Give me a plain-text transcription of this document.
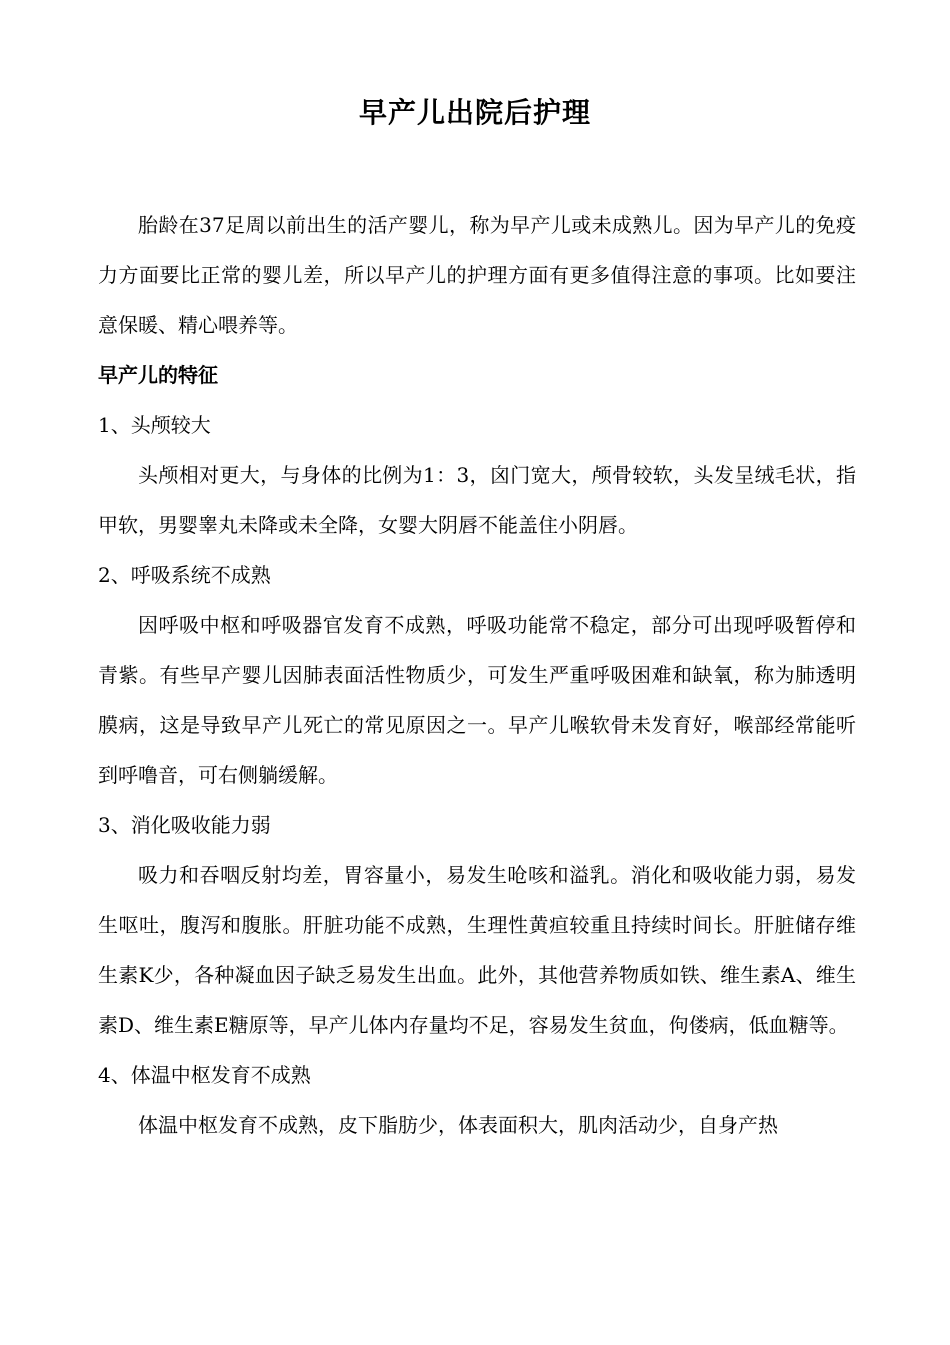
早产儿出院后护理

胎龄在37足周以前出生的活产婴儿，称为早产儿或未成熟儿。因为早产儿的免疫力方面要比正常的婴儿差，所以早产儿的护理方面有更多值得注意的事项。比如要注意保暖、精心喂养等。

早产儿的特征

1、头颅较大

头颅相对更大，与身体的比例为1：3，囟门宽大，颅骨较软，头发呈绒毛状，指甲软，男婴睾丸未降或未全降，女婴大阴唇不能盖住小阴唇。

2、呼吸系统不成熟

因呼吸中枢和呼吸器官发育不成熟，呼吸功能常不稳定，部分可出现呼吸暂停和青紫。有些早产婴儿因肺表面活性物质少，可发生严重呼吸困难和缺氧，称为肺透明膜病，这是导致早产儿死亡的常见原因之一。早产儿喉软骨未发育好，喉部经常能听到呼噜音，可右侧躺缓解。

3、消化吸收能力弱

吸力和吞咽反射均差，胃容量小，易发生呛咳和溢乳。消化和吸收能力弱，易发生呕吐，腹泻和腹胀。肝脏功能不成熟，生理性黄疸较重且持续时间长。肝脏储存维生素K少，各种凝血因子缺乏易发生出血。此外，其他营养物质如铁、维生素A、维生素D、维生素E糖原等，早产儿体内存量均不足，容易发生贫血，佝偻病，低血糖等。

4、体温中枢发育不成熟

体温中枢发育不成熟，皮下脂肪少，体表面积大，肌肉活动少，自身产热
